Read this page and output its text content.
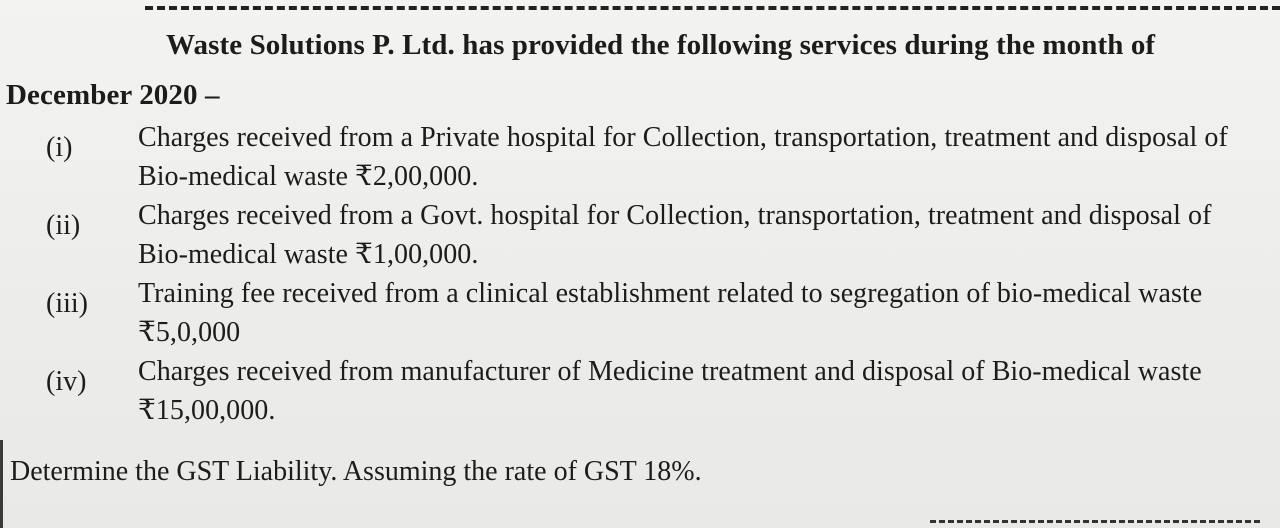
Waste Solutions P. Ltd. has provided the following services during the month of December 2020 –

(i) Charges received from a Private hospital for Collection, transportation, treatment and disposal of Bio-medical waste ₹2,00,000.
(ii) Charges received from a Govt. hospital for Collection, transportation, treatment and disposal of Bio-medical waste ₹1,00,000.
(iii) Training fee received from a clinical establishment related to segregation of bio-medical waste ₹5,0,000
(iv) Charges received from manufacturer of Medicine treatment and disposal of Bio-medical waste ₹15,00,000.

Determine the GST Liability. Assuming the rate of GST 18%.
